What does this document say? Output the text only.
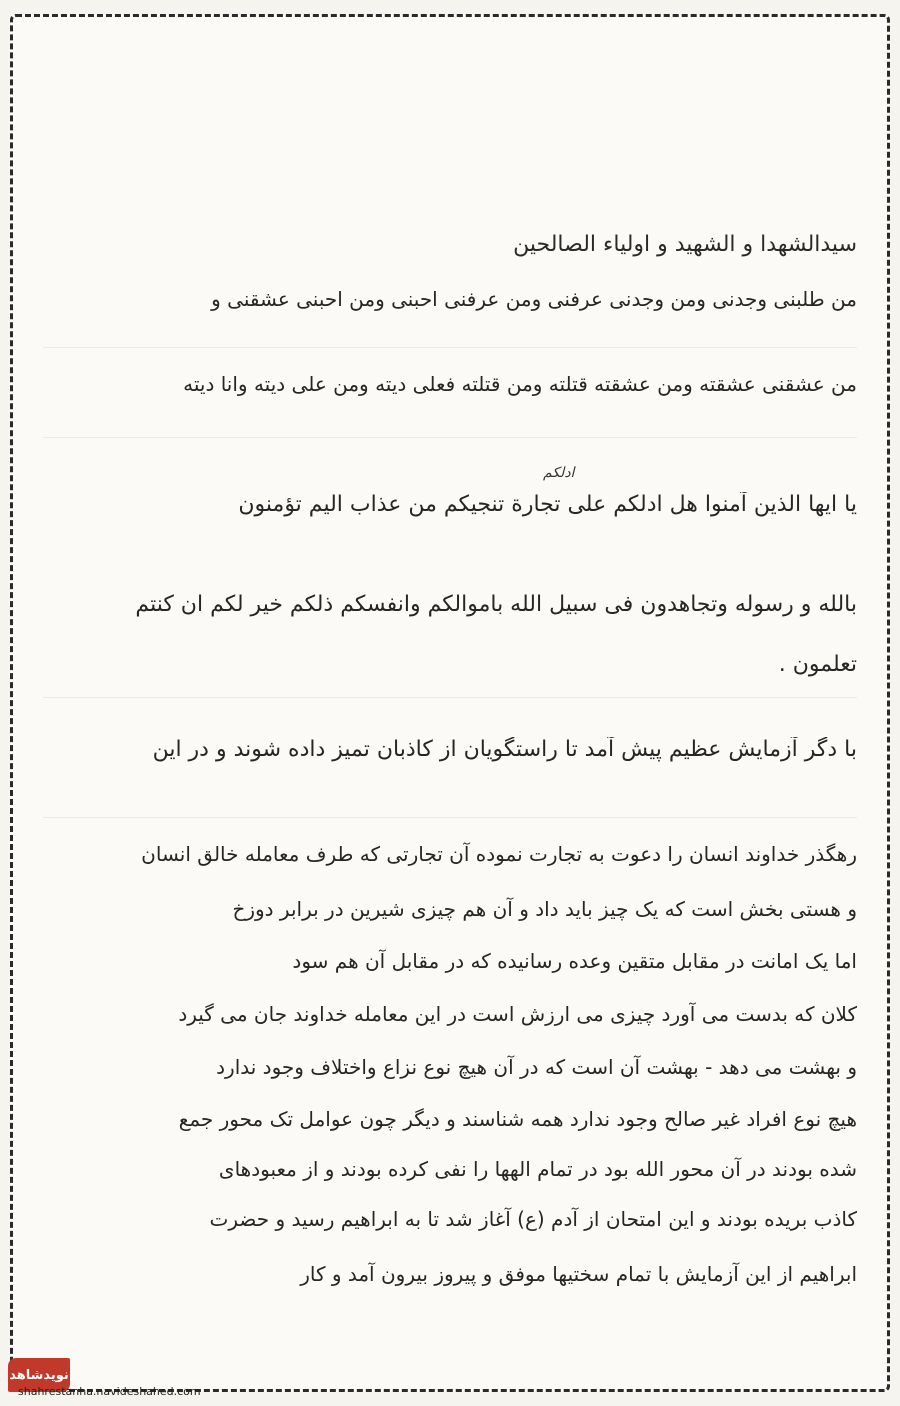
سیدالشهدا و الشهید و اولیاء الصالحین
من طلبنی وجدنی ومن وجدنی عرفنی ومن عرفنی احبنی ومن احبنی عشقنی و
من عشقنی عشقته ومن عشقته قتلته ومن قتلته فعلی دیته ومن علی دیته وانا دیته
ادلکم
یا ایها الذین آمنوا هل ادلکم علی تجارة تنجیکم من عذاب الیم تؤمنون
بالله و رسوله وتجاهدون فی سبیل الله باموالکم وانفسکم ذلکم خیر لکم ان کنتم
تعلمون .
با دگر آزمایش عظیم پیش آمد تا راستگویان از کاذبان تمیز داده شوند و در این
رهگذر خداوند انسان را دعوت به تجارت نموده آن تجارتی که طرف معامله خالق انسان
و هستی بخش است که یک چیز باید داد و آن هم چیزی شیرین در برابر دوزخ
اما یک امانت در مقابل متقین وعده رسانیده که در مقابل آن هم سود
کلان که بدست می آورد چیزی می ارزش است در این معامله خداوند جان می گیرد
و بهشت می دهد - بهشت آن است که در آن هیچ نوع نزاع واختلاف وجود ندارد
هیچ نوع افراد غیر صالح وجود ندارد همه شناسند و دیگر چون عوامل تک محور جمع
شده بودند در آن محور الله بود در تمام الهها را نفی کرده بودند و از معبودهای
کاذب بریده بودند و این امتحان از آدم (ع) آغاز شد تا به ابراهیم رسید و حضرت
ابراهیم از این آزمایش با تمام سختیها موفق و پیروز بیرون آمد و کار
نویدشاهد
shahrestanha.navideshahed.com
